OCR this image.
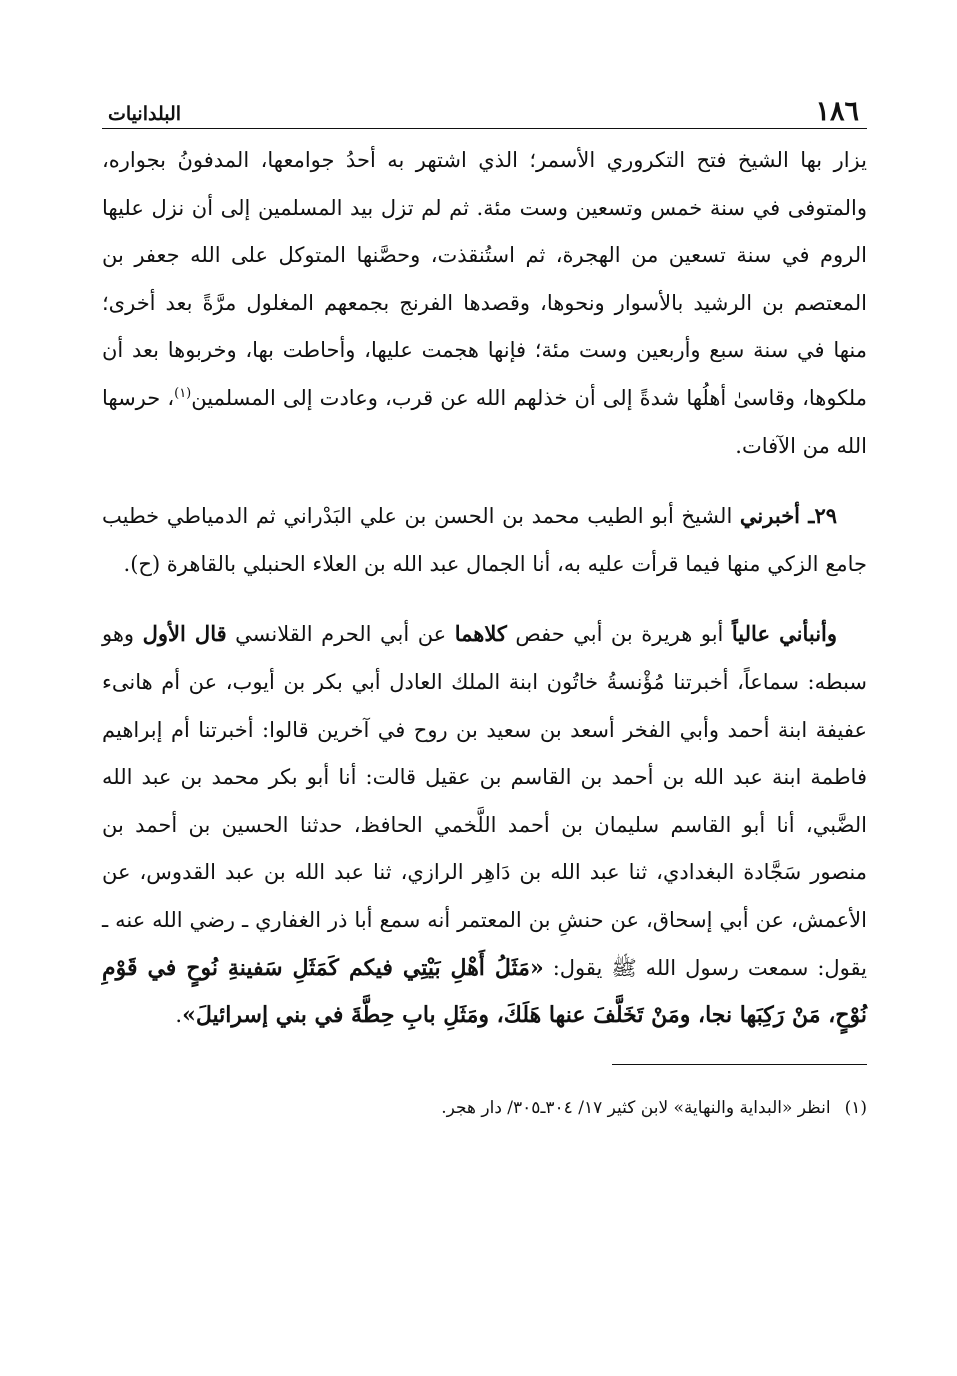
١٨٦
البلدانيات

يزار بها الشيخ فتح التكروري الأسمر؛ الذي اشتهر به أحدُ جوامعها، المدفونُ بجواره، والمتوفى في سنة خمس وتسعين وست مئة. ثم لم تزل بيد المسلمين إلى أن نزل عليها الروم في سنة تسعين من الهجرة، ثم استُنقذت، وحصَّنها المتوكل على الله جعفر بن المعتصم بن الرشيد بالأسوار ونحوها، وقصدها الفرنج بجمعهم المغلول مرَّةً بعد أخرى؛ منها في سنة سبع وأربعين وست مئة؛ فإنها هجمت عليها، وأحاطت بها، وخربوها بعد أن ملكوها، وقاسىٰ أهلُها شدةً إلى أن خذلهم الله عن قرب، وعادت إلى المسلمين$^{(١)}$، حرسها الله من الآفات.

٢٩ـ أخبرني الشيخ أبو الطيب محمد بن الحسن بن علي البَدْراني ثم الدمياطي خطيب جامع الزكي منها فيما قرأت عليه به، أنا الجمال عبد الله بن العلاء الحنبلي بالقاهرة (ح).

وأنبأني عالياً أبو هريرة بن أبي حفص كلاهما عن أبي الحرم القلانسي قال الأول وهو سبطه: سماعاً، أخبرتنا مُؤْنسةُ خاتُون ابنة الملك العادل أبي بكر بن أيوب، عن أم هانىء عفيفة ابنة أحمد وأبي الفخر أسعد بن سعيد بن روح في آخرين قالوا: أخبرتنا أم إبراهيم فاطمة ابنة عبد الله بن أحمد بن القاسم بن عقيل قالت: أنا أبو بكر محمد بن عبد الله الضَّبي، أنا أبو القاسم سليمان بن أحمد اللَّخمي الحافظ، حدثنا الحسين بن أحمد بن منصور سَجَّادة البغدادي، ثنا عبد الله بن دَاهِر الرازي، ثنا عبد الله بن عبد القدوس، عن الأعمش، عن أبي إسحاق، عن حنشِ بن المعتمر أنه سمع أبا ذر الغفاري ـ رضي الله عنه ـ يقول: سمعت رسول الله ﷺ يقول: «مَثَلُ أَهْلِ بَيْتِي فيكم كَمَثَلِ سَفينةِ نُوحٍ في قَوْمِ نُوْحٍ، مَنْ رَكِبَها نجا، ومَنْ تَخَلَّفَ عنها هَلَكَ، ومَثَلِ بابِ حِطَّةَ في بني إسرائيلَ».

(١)انظر «البداية والنهاية» لابن كثير ١٧/ ٣٠٤ـ٣٠٥/ دار هجر.
